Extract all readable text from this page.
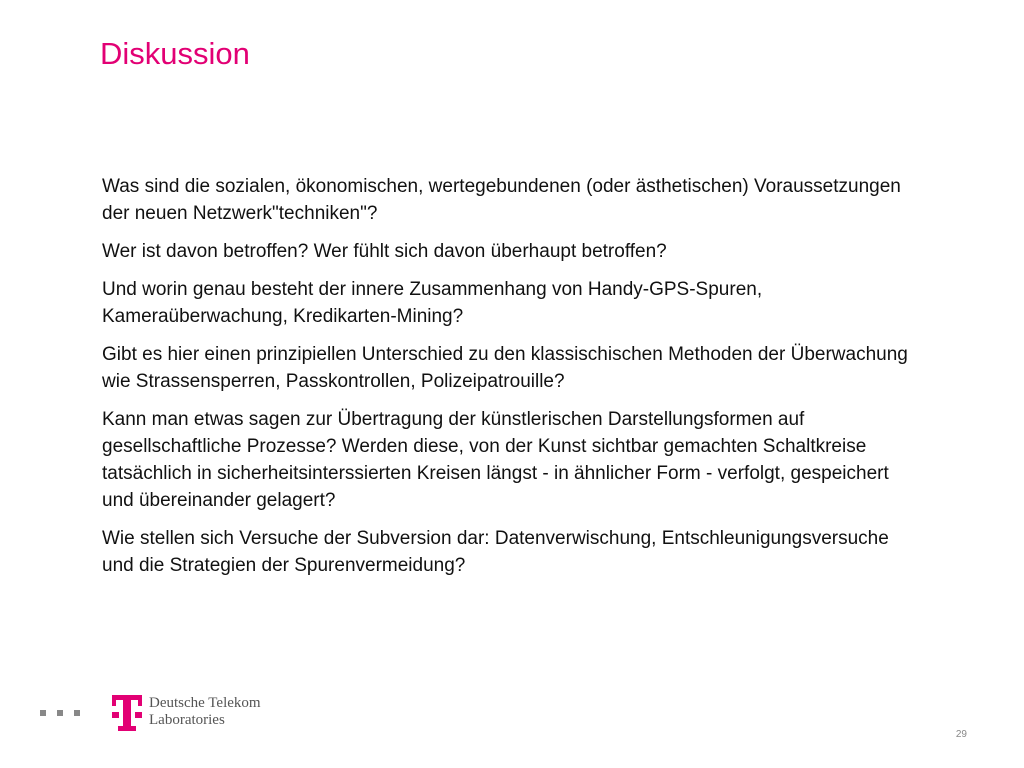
Diskussion

Was sind die sozialen, ökonomischen, wertegebundenen (oder ästhetischen) Voraussetzungen der neuen Netzwerk"techniken"?

Wer ist davon betroffen? Wer fühlt sich davon überhaupt betroffen?

Und worin genau besteht der innere Zusammenhang von Handy-GPS-Spuren, Kameraüberwachung, Kredikarten-Mining?

Gibt es hier einen prinzipiellen Unterschied zu den klassischischen Methoden der Überwachung wie Strassensperren, Passkontrollen, Polizeipatrouille?

Kann man etwas sagen zur Übertragung der künstlerischen Darstellungsformen auf gesellschaftliche Prozesse? Werden diese, von der Kunst sichtbar gemachten Schaltkreise tatsächlich in sicherheitsinterssierten Kreisen längst - in ähnlicher Form - verfolgt, gespeichert und übereinander gelagert?

Wie stellen sich Versuche der Subversion dar: Datenverwischung, Entschleunigungsversuche und die Strategien der Spurenvermeidung?

Deutsche Telekom
Laboratories
29
